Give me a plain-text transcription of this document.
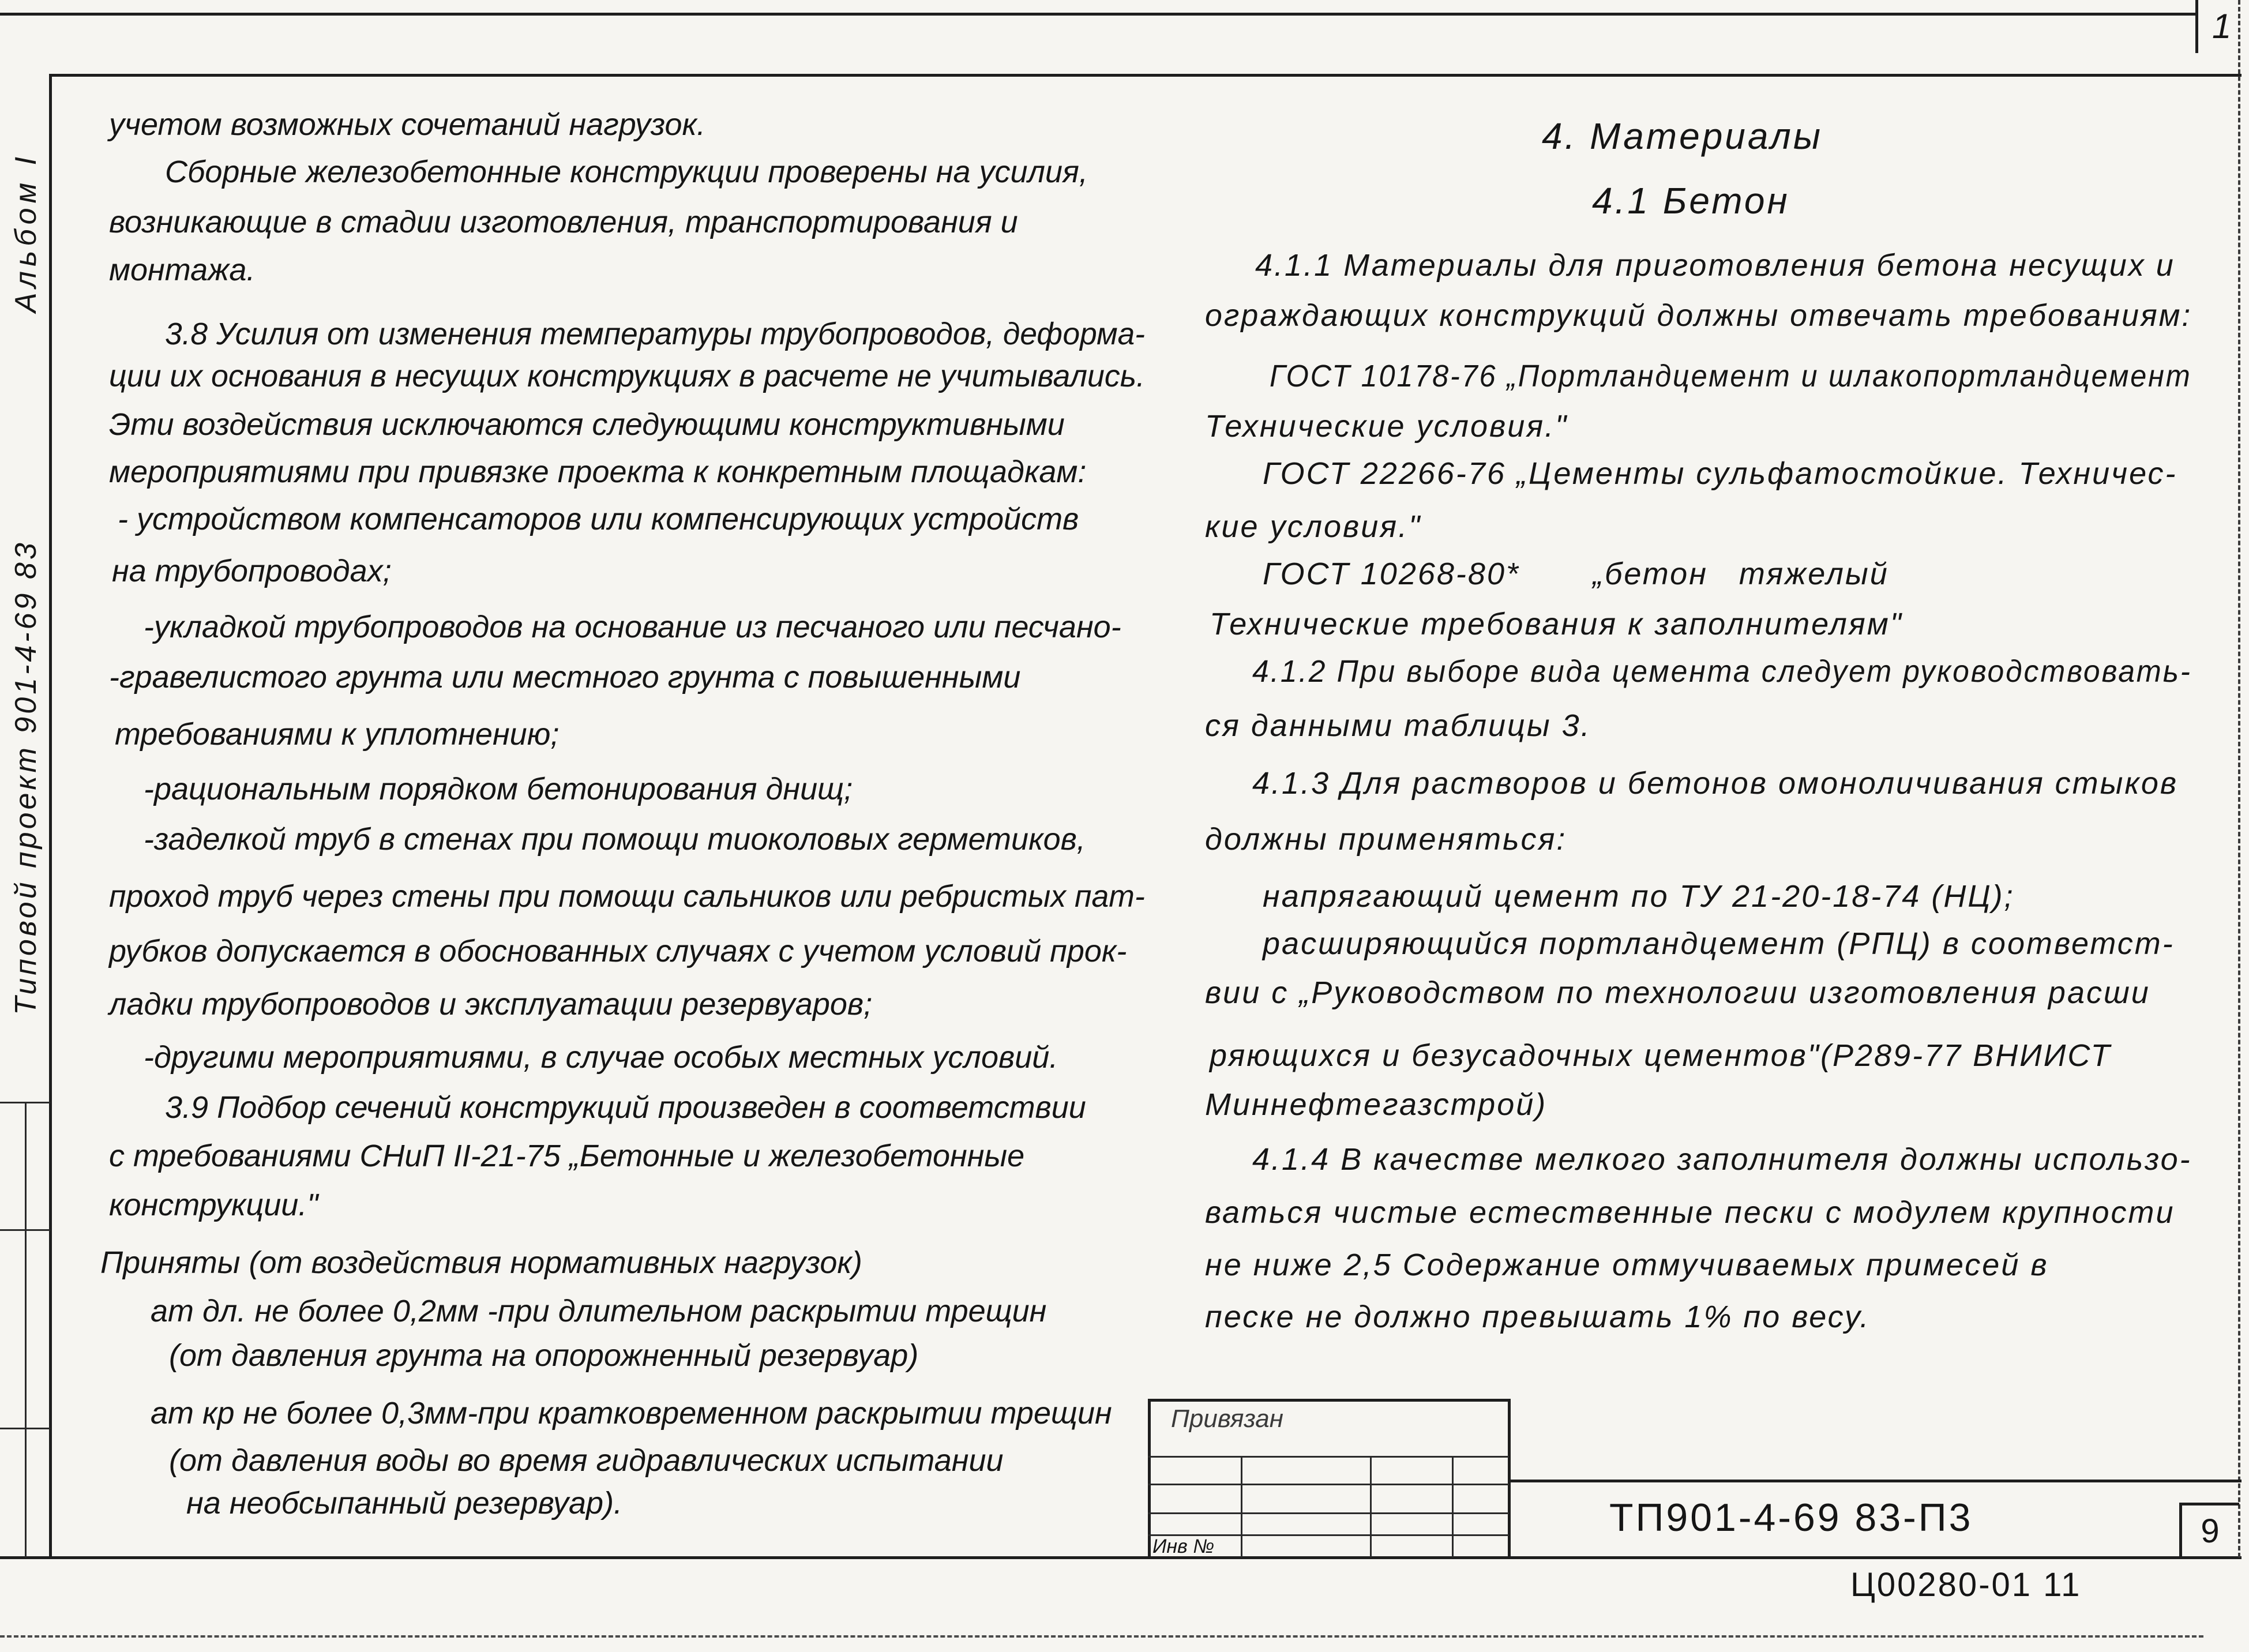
1
Альбом I
Типовой проект 901-4-69 83
учетом возможных сочетаний нагрузок.
Сборные железобетонные конструкции проверены на усилия,
возникающие в стадии изготовления, транспортирования и
монтажа.
3.8 Усилия от изменения температуры трубопроводов, деформа-
ции их основания в несущих конструкциях в расчете не учитывались.
Эти воздействия исключаются следующими конструктивными
мероприятиями при привязке проекта к конкретным площадкам:
- устройством компенсаторов или компенсирующих устройств
на трубопроводах;
-укладкой трубопроводов на основание из песчаного или песчано-
-гравелистого грунта или местного грунта с повышенными
требованиями к уплотнению;
-рациональным порядком бетонирования днищ;
-заделкой труб в стенах при помощи тиоколовых герметиков,
проход труб через стены при помощи сальников или ребристых пат-
рубков допускается в обоснованных случаях с учетом условий прок-
ладки трубопроводов и эксплуатации резервуаров;
-другими мероприятиями, в случае особых местных условий.
3.9 Подбор сечений конструкций произведен в соответствии
с требованиями СНиП II-21-75 „Бетонные и железобетонные
конструкции."
Приняты (от воздействия нормативных нагрузок)
aт дл. не более 0,2мм -при длительном раскрытии трещин
(от давления грунта на опорожненный резервуар)
aт кр не более 0,3мм-при кратковременном раскрытии трещин
(от давления воды во время гидравлических испытании
на необсыпанный резервуар).
4. Материалы
4.1 Бетон
4.1.1 Материалы для приготовления бетона несущих и
ограждающих конструкций должны отвечать требованиям:
ГОСТ 10178-76 „Портландцемент и шлакопортландцемент
Технические условия."
ГОСТ 22266-76 „Цементы сульфатостойкие. Техничес-
кие условия."
ГОСТ 10268-80*       „бетон   тяжелый
Технические требования к заполнителям"
4.1.2 При выборе вида цемента следует руководствовать-
ся данными таблицы 3.
4.1.3 Для растворов и бетонов омоноличивания стыков
должны применяться:
напрягающий цемент по ТУ 21-20-18-74 (НЦ);
расширяющийся портландцемент (РПЦ) в соответст-
вии с „Руководством по технологии изготовления расши
ряющихся и безусадочных цементов"(Р289-77 ВНИИСТ
Миннефтегазстрой)
4.1.4 В качестве мелкого заполнителя должны использо-
ваться чистые естественные пески с модулем крупности
не ниже 2,5 Содержание отмучиваемых примесей в
песке не должно превышать 1% по весу.
Привязан
Инв №
ТП901-4-69 83-П3	9
Ц00280-01 11
